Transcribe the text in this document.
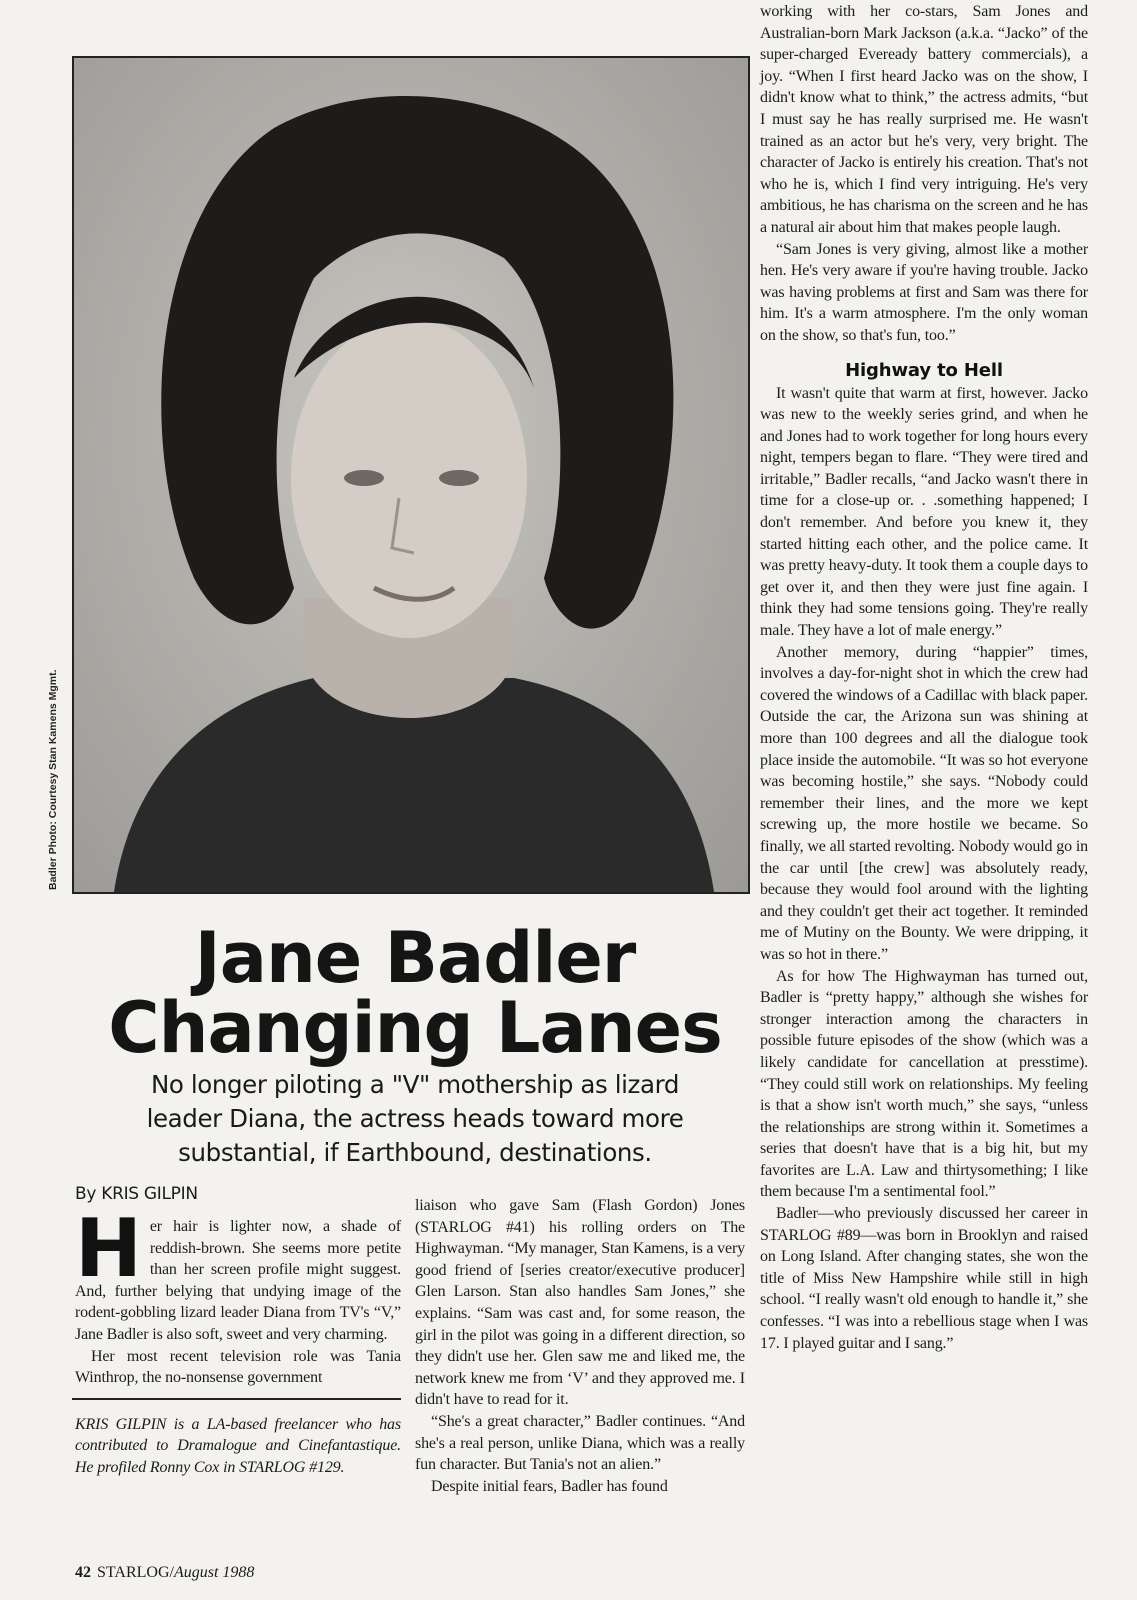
Badler Photo: Courtesy Stan Kamens Mgmt.
Jane Badler
Changing Lanes
No longer piloting a "V" mothership as lizard
leader Diana, the actress heads toward more
substantial, if Earthbound, destinations.
By KRIS GILPIN

Her hair is lighter now, a shade of reddish-brown. She seems more petite than her screen profile might suggest. And, further belying that undying image of the rodent-gobbling lizard leader Diana from TV's “V,” Jane Badler is also soft, sweet and very charming.

Her most recent television role was Tania Winthrop, the no-nonsense government

KRIS GILPIN is a LA-based freelancer who has contributed to Dramalogue and Cinefantastique. He profiled Ronny Cox in STARLOG #129.

liaison who gave Sam (Flash Gordon) Jones (STARLOG #41) his rolling orders on The Highwayman. “My manager, Stan Kamens, is a very good friend of [series creator/executive producer] Glen Larson. Stan also handles Sam Jones,” she explains. “Sam was cast and, for some reason, the girl in the pilot was going in a different direction, so they didn't use her. Glen saw me and liked me, the network knew me from ‘V’ and they approved me. I didn't have to read for it.

“She's a great character,” Badler continues. “And she's a real person, unlike Diana, which was a really fun character. But Tania's not an alien.”

Despite initial fears, Badler has found

working with her co-stars, Sam Jones and Australian-born Mark Jackson (a.k.a. “Jacko” of the super-charged Eveready battery commercials), a joy. “When I first heard Jacko was on the show, I didn't know what to think,” the actress admits, “but I must say he has really surprised me. He wasn't trained as an actor but he's very, very bright. The character of Jacko is entirely his creation. That's not who he is, which I find very intriguing. He's very ambitious, he has charisma on the screen and he has a natural air about him that makes people laugh.

“Sam Jones is very giving, almost like a mother hen. He's very aware if you're having trouble. Jacko was having problems at first and Sam was there for him. It's a warm atmosphere. I'm the only woman on the show, so that's fun, too.”

Highway to Hell

It wasn't quite that warm at first, however. Jacko was new to the weekly series grind, and when he and Jones had to work together for long hours every night, tempers began to flare. “They were tired and irritable,” Badler recalls, “and Jacko wasn't there in time for a close-up or. . .something happened; I don't remember. And before you knew it, they started hitting each other, and the police came. It was pretty heavy-duty. It took them a couple days to get over it, and then they were just fine again. I think they had some tensions going. They're really male. They have a lot of male energy.”

Another memory, during “happier” times, involves a day-for-night shot in which the crew had covered the windows of a Cadillac with black paper. Outside the car, the Arizona sun was shining at more than 100 degrees and all the dialogue took place inside the automobile. “It was so hot everyone was becoming hostile,” she says. “Nobody could remember their lines, and the more we kept screwing up, the more hostile we became. So finally, we all started revolting. Nobody would go in the car until [the crew] was absolutely ready, because they would fool around with the lighting and they couldn't get their act together. It reminded me of Mutiny on the Bounty. We were dripping, it was so hot in there.”

As for how The Highwayman has turned out, Badler is “pretty happy,” although she wishes for stronger interaction among the characters in possible future episodes of the show (which was a likely candidate for cancellation at presstime). “They could still work on relationships. My feeling is that a show isn't worth much,” she says, “unless the relationships are strong within it. Sometimes a series that doesn't have that is a big hit, but my favorites are L.A. Law and thirtysomething; I like them because I'm a sentimental fool.”

Badler—who previously discussed her career in STARLOG #89—was born in Brooklyn and raised on Long Island. After changing states, she won the title of Miss New Hampshire while still in high school. “I really wasn't old enough to handle it,” she confesses. “I was into a rebellious stage when I was 17. I played guitar and I sang.”

42 STARLOG/August 1988
